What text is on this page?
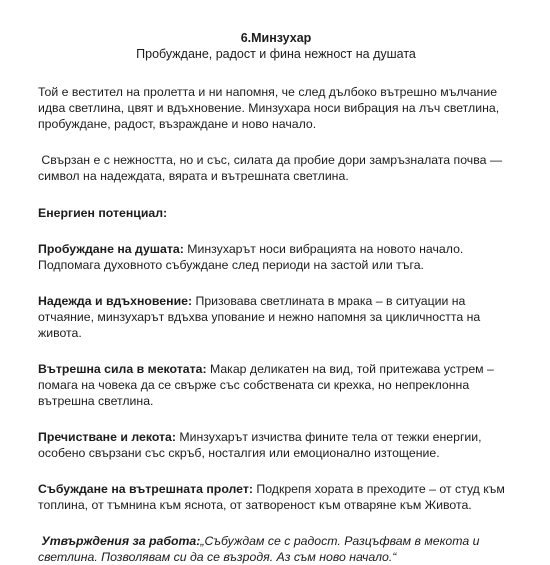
6.Минзухар

Пробуждане, радост и фина нежност на душата

Той е вестител на пролетта и ни напомня, че след дълбоко вътрешно мълчание идва светлина, цвят и вдъхновение. Минзухара носи вибрация на лъч светлина, пробуждане, радост, възраждане и ново начало.

Свързан е с нежността, но и със, силата да пробие дори замръзналата почва — символ на надеждата, вярата и вътрешната светлина.

Енергиен потенциал:

Пробуждане на душата: Минзухарът носи вибрацията на новото начало. Подпомага духовното събуждане след периоди на застой или тъга.

Надежда и вдъхновение: Призовава светлината в мрака – в ситуации на отчаяние, минзухарът вдъхва упование и нежно напомня за цикличността на живота.

Вътрешна сила в мекотата: Макар деликатен на вид, той притежава устрем – помага на човека да се свърже със собствената си крехка, но непреклонна вътрешна светлина.

Пречистване и лекота: Минзухарът изчиства фините тела от тежки енергии, особено свързани със скръб, носталгия или емоционално изтощение.

Събуждане на вътрешната пролет: Подкрепя хората в преходите – от студ към топлина, от тъмнина към яснота, от затвореност към отваряне към Живота.

Утвърждения за работа:„Събуждам се с радост. Разцъфвам в мекота и светлина. Позволявам си да се възродя. Аз съм ново начало.“
